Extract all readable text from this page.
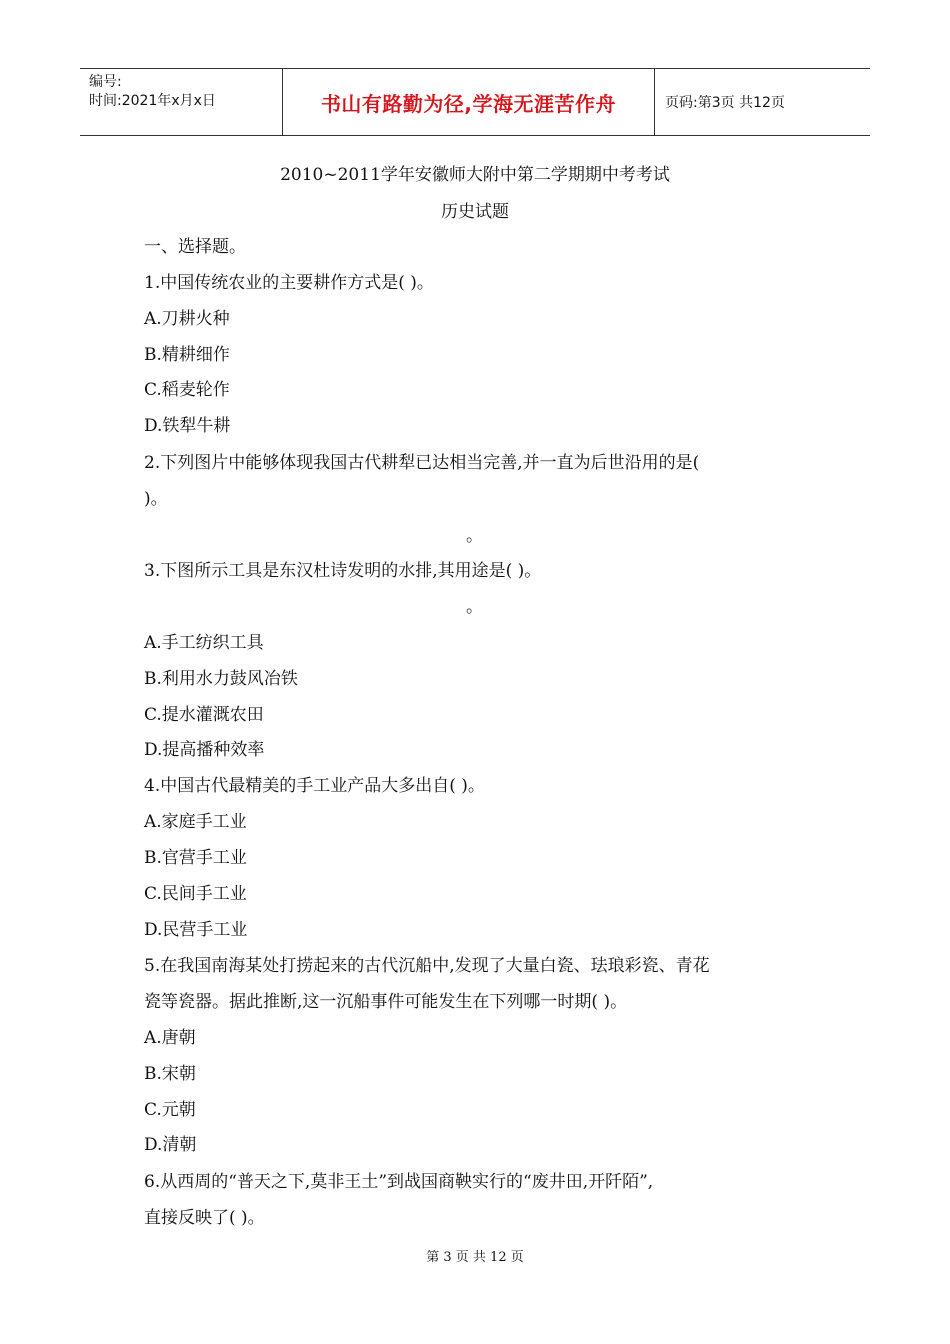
编号:
时间:2021年x月x日	书山有路勤为径,学海无涯苦作舟	页码:第3页 共12页
2010~2011学年安徽师大附中第二学期期中考考试
历史试题
一、选择题。
1.中国传统农业的主要耕作方式是( )。
A.刀耕火种
B.精耕细作
C.稻麦轮作
D.铁犁牛耕
2.下列图片中能够体现我国古代耕犁已达相当完善,并一直为后世沿用的是(
)。
。
3.下图所示工具是东汉杜诗发明的水排,其用途是( )。
。
A.手工纺织工具
B.利用水力鼓风冶铁
C.提水灌溉农田
D.提高播种效率
4.中国古代最精美的手工业产品大多出自( )。
A.家庭手工业
B.官营手工业
C.民间手工业
D.民营手工业
5.在我国南海某处打捞起来的古代沉船中,发现了大量白瓷、珐琅彩瓷、青花
瓷等瓷器。据此推断,这一沉船事件可能发生在下列哪一时期( )。
A.唐朝
B.宋朝
C.元朝
D.清朝
6.从西周的“普天之下,莫非王土”到战国商鞅实行的“废井田,开阡陌”,
直接反映了( )。
第 3 页 共 12 页
